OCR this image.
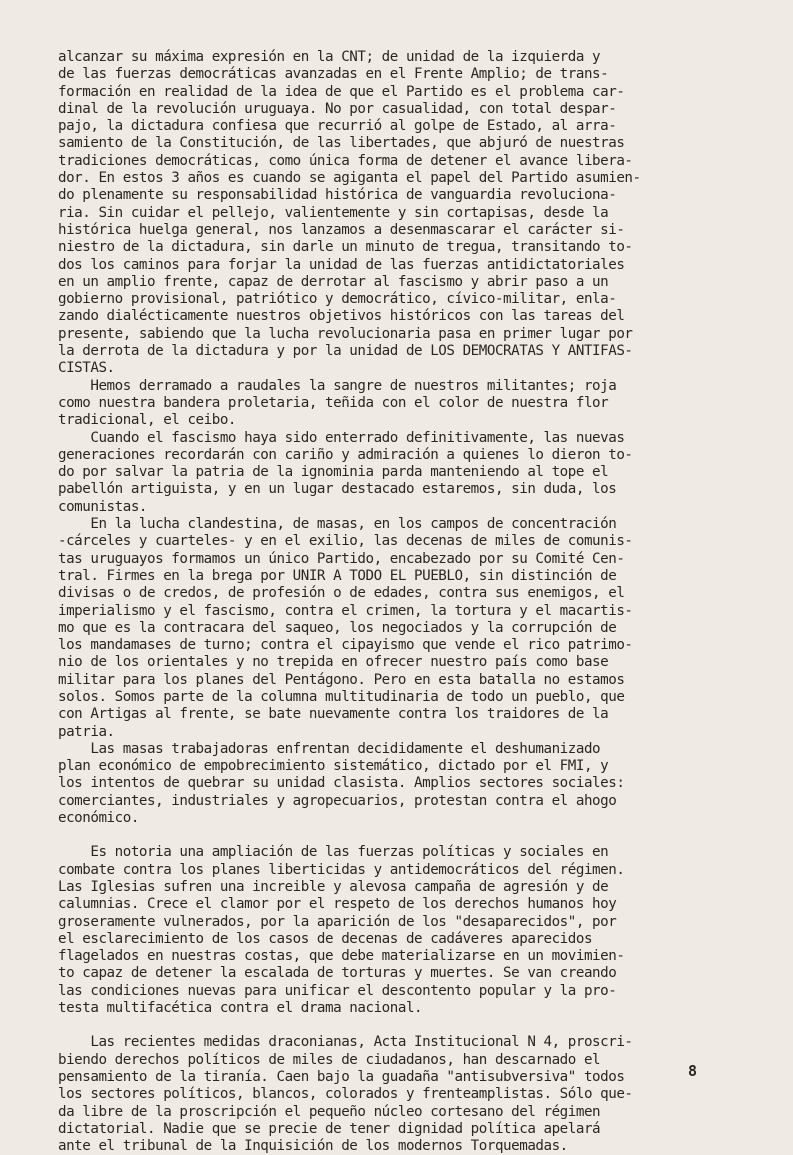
alcanzar su máxima expresión en la CNT; de unidad de la izquierda y
de las fuerzas democráticas avanzadas en el Frente Amplio; de trans-
formación en realidad de la idea de que el Partido es el problema car-
dinal de la revolución uruguaya. No por casualidad, con total despar-
pajo, la dictadura confiesa que recurrió al golpe de Estado, al arra-
samiento de la Constitución, de las libertades, que abjuró de nuestras
tradiciones democráticas, como única forma de detener el avance libera-
dor. En estos 3 años es cuando se agiganta el papel del Partido asumien-
do plenamente su responsabilidad histórica de vanguardia revoluciona-
ria. Sin cuidar el pellejo, valientemente y sin cortapisas, desde la
histórica huelga general, nos lanzamos a desenmascarar el carácter si-
niestro de la dictadura, sin darle un minuto de tregua, transitando to-
dos los caminos para forjar la unidad de las fuerzas antidictatoriales
en un amplio frente, capaz de derrotar al fascismo y abrir paso a un
gobierno provisional, patriótico y democrático, cívico-militar, enla-
zando dialécticamente nuestros objetivos históricos con las tareas del
presente, sabiendo que la lucha revolucionaria pasa en primer lugar por
la derrota de la dictadura y por la unidad de LOS DEMOCRATAS Y ANTIFAS-
CISTAS.
Hemos derramado a raudales la sangre de nuestros militantes; roja
como nuestra bandera proletaria, teñida con el color de nuestra flor
tradicional, el ceibo.
Cuando el fascismo haya sido enterrado definitivamente, las nuevas
generaciones recordarán con cariño y admiración a quienes lo dieron to-
do por salvar la patria de la ignominia parda manteniendo al tope el
pabellón artiguista, y en un lugar destacado estaremos, sin duda, los
comunistas.
En la lucha clandestina, de masas, en los campos de concentración
-cárceles y cuarteles- y en el exilio, las decenas de miles de comunis-
tas uruguayos formamos un único Partido, encabezado por su Comité Cen-
tral. Firmes en la brega por UNIR A TODO EL PUEBLO, sin distinción de
divisas o de credos, de profesión o de edades, contra sus enemigos, el
imperialismo y el fascismo, contra el crimen, la tortura y el macartis-
mo que es la contracara del saqueo, los negociados y la corrupción de
los mandamases de turno; contra el cipayismo que vende el rico patrimo-
nio de los orientales y no trepida en ofrecer nuestro país como base
militar para los planes del Pentágono. Pero en esta batalla no estamos
solos. Somos parte de la columna multitudinaria de todo un pueblo, que
con Artigas al frente, se bate nuevamente contra los traidores de la
patria.
Las masas trabajadoras enfrentan decididamente el deshumanizado
plan económico de empobrecimiento sistemático, dictado por el FMI, y
los intentos de quebrar su unidad clasista. Amplios sectores sociales:
comerciantes, industriales y agropecuarios, protestan contra el ahogo
económico.
Es notoria una ampliación de las fuerzas políticas y sociales en
combate contra los planes liberticidas y antidemocráticos del régimen.
Las Iglesias sufren una increible y alevosa campaña de agresión y de
calumnias. Crece el clamor por el respeto de los derechos humanos hoy
groseramente vulnerados, por la aparición de los "desaparecidos", por
el esclarecimiento de los casos de decenas de cadáveres aparecidos
flagelados en nuestras costas, que debe materializarse en un movimien-
to capaz de detener la escalada de torturas y muertes. Se van creando
las condiciones nuevas para unificar el descontento popular y la pro-
testa multifacética contra el drama nacional.
Las recientes medidas draconianas, Acta Institucional N 4, proscri-
biendo derechos políticos de miles de ciudadanos, han descarnado el
pensamiento de la tiranía. Caen bajo la guadaña "antisubversiva" todos
los sectores políticos, blancos, colorados y frenteamplistas. Sólo que-
da libre de la proscripción el pequeño núcleo cortesano del régimen
dictatorial. Nadie que se precie de tener dignidad política apelará
ante el tribunal de la Inquisición de los modernos Torquemadas.
8
